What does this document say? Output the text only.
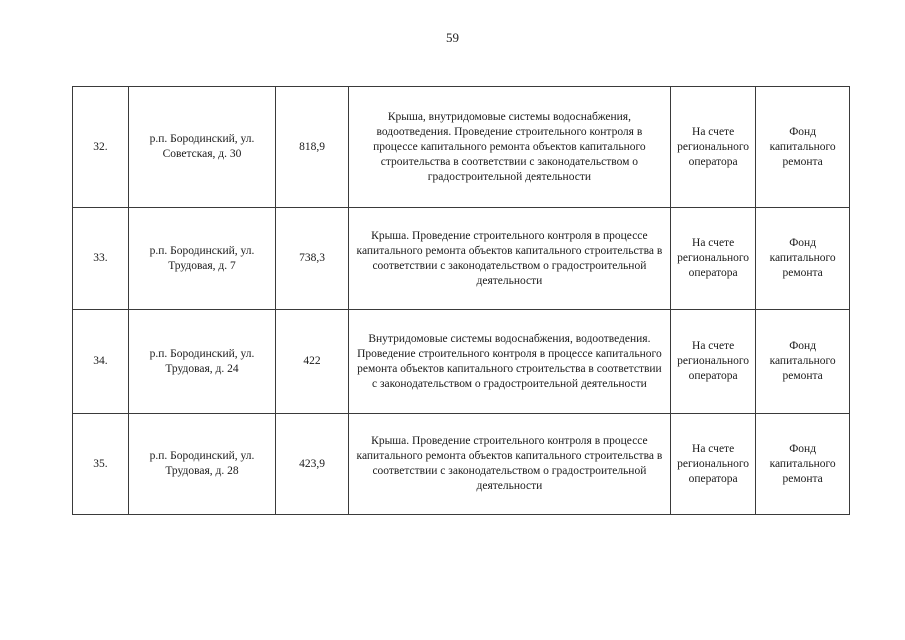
59
32.	р.п. Бородинский, ул. Советская, д. 30	818,9	Крыша, внутридомовые системы водоснабжения, водоотведения. Проведение строительного контроля в процессе капитального ремонта объектов капитального строительства в соответствии с законодательством о градостроительной деятельности	На счете регионального оператора	Фонд капитального ремонта
33.	р.п. Бородинский, ул. Трудовая, д. 7	738,3	Крыша. Проведение строительного контроля в процессе капитального ремонта объектов капитального строительства в соответствии с законодательством о градостроительной деятельности	На счете регионального оператора	Фонд капитального ремонта
34.	р.п. Бородинский, ул. Трудовая, д. 24	422	Внутридомовые системы водоснабжения, водоотведения. Проведение строительного контроля в процессе капитального ремонта объектов капитального строительства в соответствии с законодательством о градостроительной деятельности	На счете регионального оператора	Фонд капитального ремонта
35.	р.п. Бородинский, ул. Трудовая, д. 28	423,9	Крыша. Проведение строительного контроля в процессе капитального ремонта объектов капитального строительства в соответствии с законодательством о градостроительной деятельности	На счете регионального оператора	Фонд капитального ремонта
